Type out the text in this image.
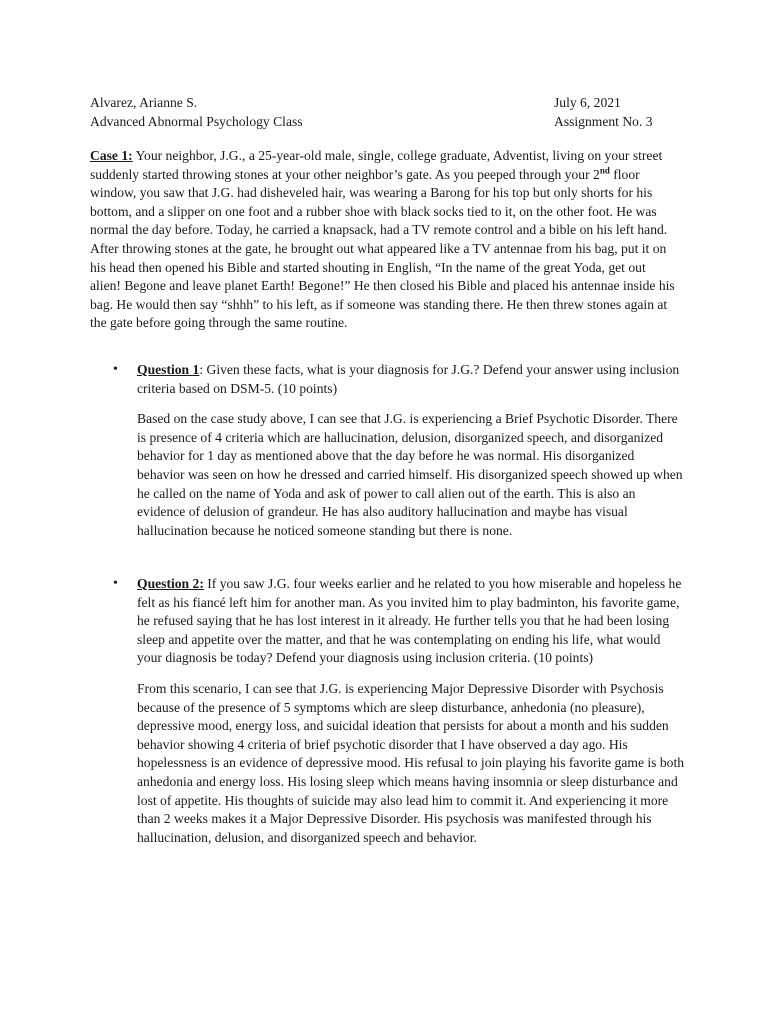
Alvarez, Arianne S.	July 6, 2021
Advanced Abnormal Psychology Class	Assignment No. 3

Case 1: Your neighbor, J.G., a 25-year-old male, single, college graduate, Adventist, living on your street suddenly started throwing stones at your other neighbor’s gate. As you peeped through your 2nd floor window, you saw that J.G. had disheveled hair, was wearing a Barong for his top but only shorts for his bottom, and a slipper on one foot and a rubber shoe with black socks tied to it, on the other foot. He was normal the day before. Today, he carried a knapsack, had a TV remote control and a bible on his left hand. After throwing stones at the gate, he brought out what appeared like a TV antennae from his bag, put it on his head then opened his Bible and started shouting in English, “In the name of the great Yoda, get out alien! Begone and leave planet Earth! Begone!” He then closed his Bible and placed his antennae inside his bag. He would then say “shhh” to his left, as if someone was standing there. He then threw stones again at the gate before going through the same routine.

• Question 1: Given these facts, what is your diagnosis for J.G.? Defend your answer using inclusion criteria based on DSM-5. (10 points)

Based on the case study above, I can see that J.G. is experiencing a Brief Psychotic Disorder. There is presence of 4 criteria which are hallucination, delusion, disorganized speech, and disorganized behavior for 1 day as mentioned above that the day before he was normal. His disorganized behavior was seen on how he dressed and carried himself. His disorganized speech showed up when he called on the name of Yoda and ask of power to call alien out of the earth. This is also an evidence of delusion of grandeur. He has also auditory hallucination and maybe has visual hallucination because he noticed someone standing but there is none.

• Question 2: If you saw J.G. four weeks earlier and he related to you how miserable and hopeless he felt as his fiancé left him for another man. As you invited him to play badminton, his favorite game, he refused saying that he has lost interest in it already. He further tells you that he had been losing sleep and appetite over the matter, and that he was contemplating on ending his life, what would your diagnosis be today? Defend your diagnosis using inclusion criteria. (10 points)

From this scenario, I can see that J.G. is experiencing Major Depressive Disorder with Psychosis because of the presence of 5 symptoms which are sleep disturbance, anhedonia (no pleasure), depressive mood, energy loss, and suicidal ideation that persists for about a month and his sudden behavior showing 4 criteria of brief psychotic disorder that I have observed a day ago. His hopelessness is an evidence of depressive mood. His refusal to join playing his favorite game is both anhedonia and energy loss. His losing sleep which means having insomnia or sleep disturbance and lost of appetite. His thoughts of suicide may also lead him to commit it. And experiencing it more than 2 weeks makes it a Major Depressive Disorder. His psychosis was manifested through his hallucination, delusion, and disorganized speech and behavior.
